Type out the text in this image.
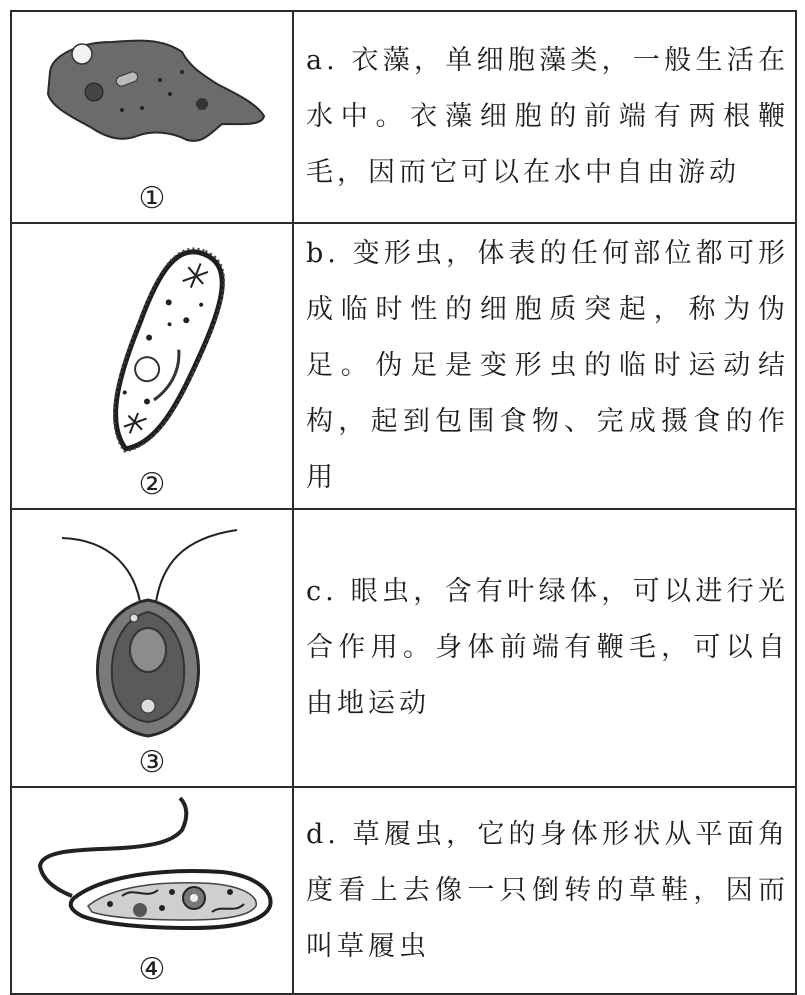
①	a. 衣藻，单细胞藻类，一般生活在水中。衣藻细胞的前端有两根鞭毛，因而它可以在水中自由游动

②	b. 变形虫，体表的任何部位都可形成临时性的细胞质突起，称为伪足。伪足是变形虫的临时运动结构，起到包围食物、完成摄食的作用

③	c. 眼虫，含有叶绿体，可以进行光合作用。身体前端有鞭毛，可以自由地运动

④	d. 草履虫，它的身体形状从平面角度看上去像一只倒转的草鞋，因而叫草履虫
